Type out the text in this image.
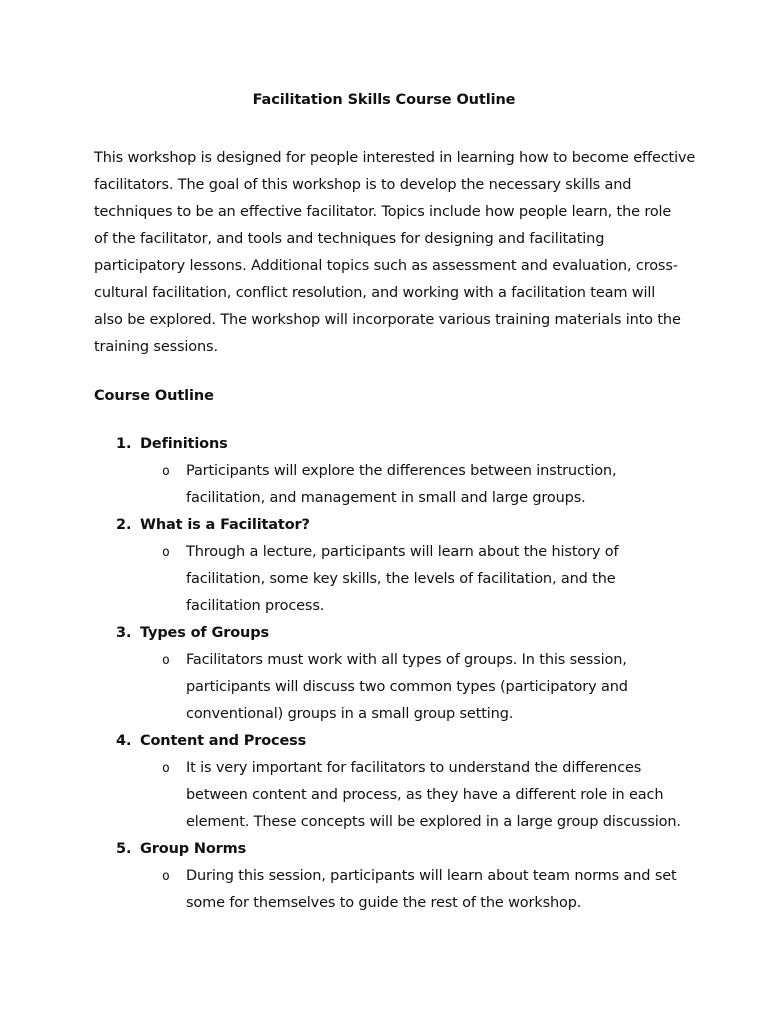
Facilitation Skills Course Outline
This workshop is designed for people interested in learning how to become effective
facilitators. The goal of this workshop is to develop the necessary skills and
techniques to be an effective facilitator. Topics include how people learn, the role
of the facilitator, and tools and techniques for designing and facilitating
participatory lessons. Additional topics such as assessment and evaluation, cross-
cultural facilitation, conflict resolution, and working with a facilitation team will
also be explored. The workshop will incorporate various training materials into the
training sessions.
Course Outline
1. Definitions
o Participants will explore the differences between instruction,
facilitation, and management in small and large groups.
2. What is a Facilitator?
o Through a lecture, participants will learn about the history of
facilitation, some key skills, the levels of facilitation, and the
facilitation process.
3. Types of Groups
o Facilitators must work with all types of groups. In this session,
participants will discuss two common types (participatory and
conventional) groups in a small group setting.
4. Content and Process
o It is very important for facilitators to understand the differences
between content and process, as they have a different role in each
element. These concepts will be explored in a large group discussion.
5. Group Norms
o During this session, participants will learn about team norms and set
some for themselves to guide the rest of the workshop.
